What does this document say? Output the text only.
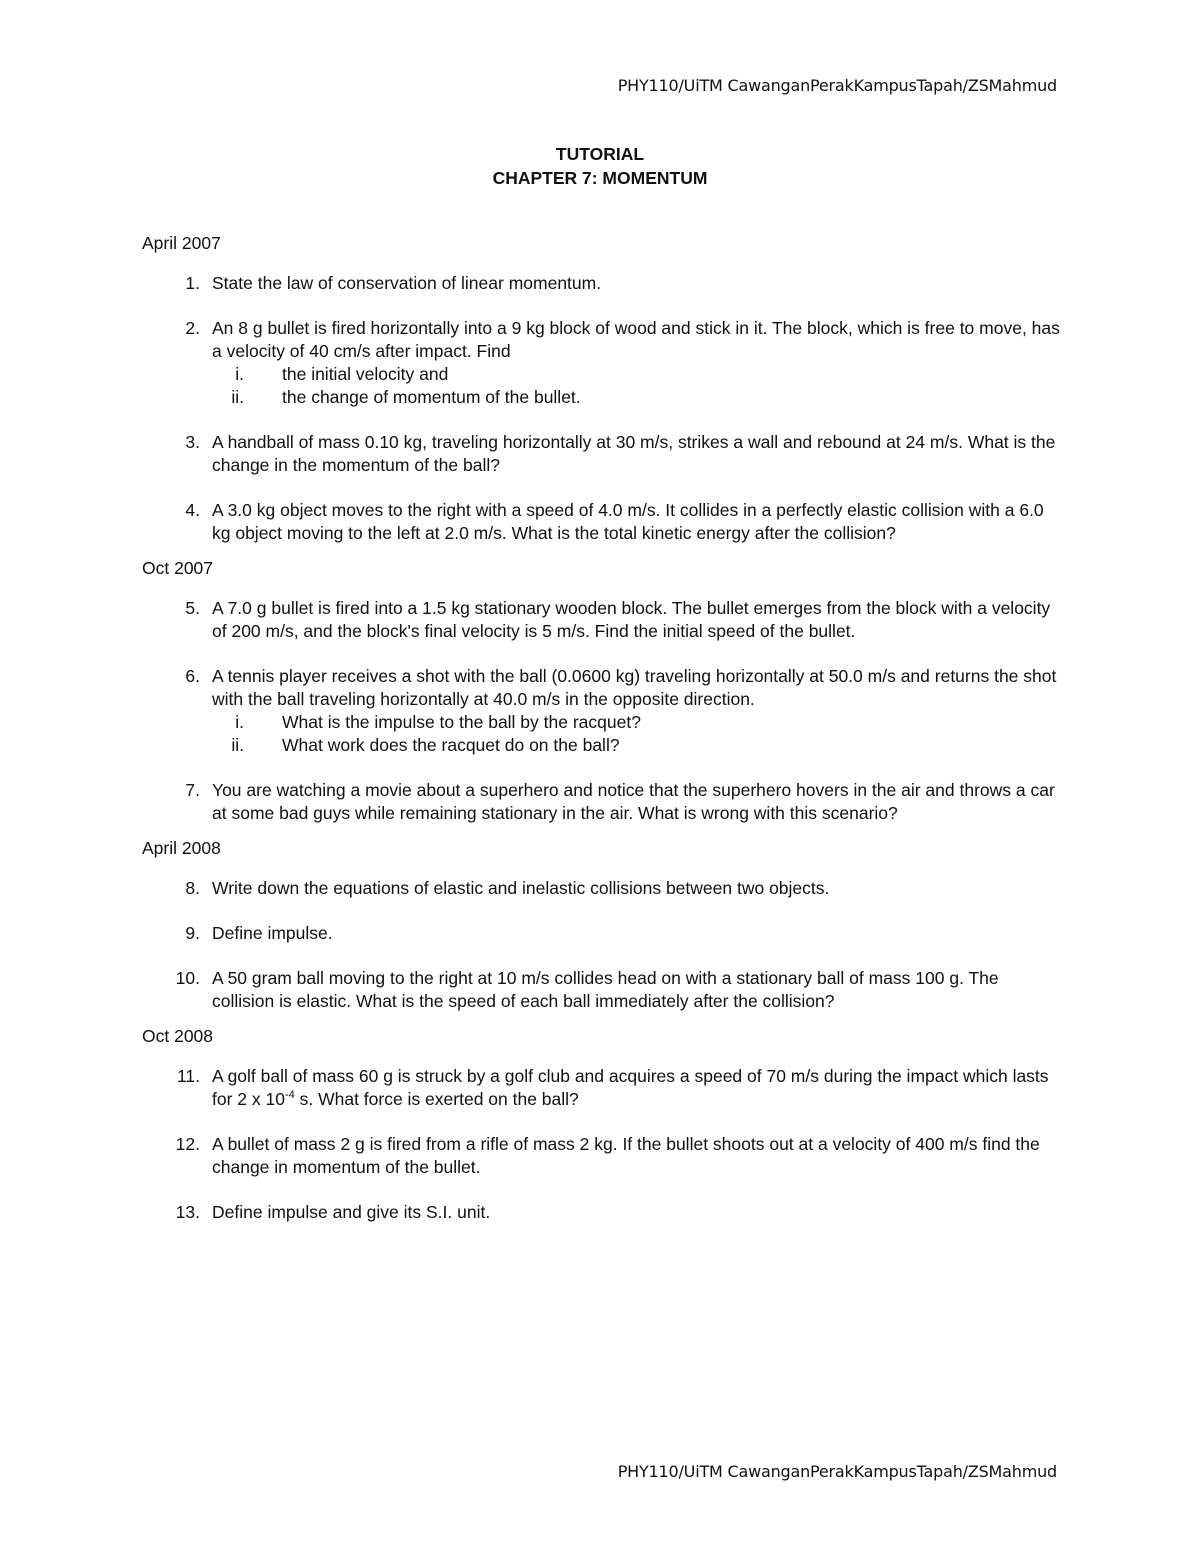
PHY110/UiTM CawanganPerakKampusTapah/ZSMahmud
TUTORIAL
CHAPTER 7: MOMENTUM
April 2007
1. State the law of conservation of linear momentum.
2. An 8 g bullet is fired horizontally into a 9 kg block of wood and stick in it. The block, which is free to move, has a velocity of 40 cm/s after impact. Find
i. the initial velocity and
ii. the change of momentum of the bullet.
3. A handball of mass 0.10 kg, traveling horizontally at 30 m/s, strikes a wall and rebound at 24 m/s. What is the change in the momentum of the ball?
4. A 3.0 kg object moves to the right with a speed of 4.0 m/s. It collides in a perfectly elastic collision with a 6.0 kg object moving to the left at 2.0 m/s. What is the total kinetic energy after the collision?
Oct 2007
5. A 7.0 g bullet is fired into a 1.5 kg stationary wooden block. The bullet emerges from the block with a velocity of 200 m/s, and the block's final velocity is 5 m/s. Find the initial speed of the bullet.
6. A tennis player receives a shot with the ball (0.0600 kg) traveling horizontally at 50.0 m/s and returns the shot with the ball traveling horizontally at 40.0 m/s in the opposite direction.
i. What is the impulse to the ball by the racquet?
ii. What work does the racquet do on the ball?
7. You are watching a movie about a superhero and notice that the superhero hovers in the air and throws a car at some bad guys while remaining stationary in the air. What is wrong with this scenario?
April 2008
8. Write down the equations of elastic and inelastic collisions between two objects.
9. Define impulse.
10. A 50 gram ball moving to the right at 10 m/s collides head on with a stationary ball of mass 100 g. The collision is elastic. What is the speed of each ball immediately after the collision?
Oct 2008
11. A golf ball of mass 60 g is struck by a golf club and acquires a speed of 70 m/s during the impact which lasts for 2 x $10^{-4}$ s. What force is exerted on the ball?
12. A bullet of mass 2 g is fired from a rifle of mass 2 kg. If the bullet shoots out at a velocity of 400 m/s find the change in momentum of the bullet.
13. Define impulse and give its S.I. unit.
PHY110/UiTM CawanganPerakKampusTapah/ZSMahmud
